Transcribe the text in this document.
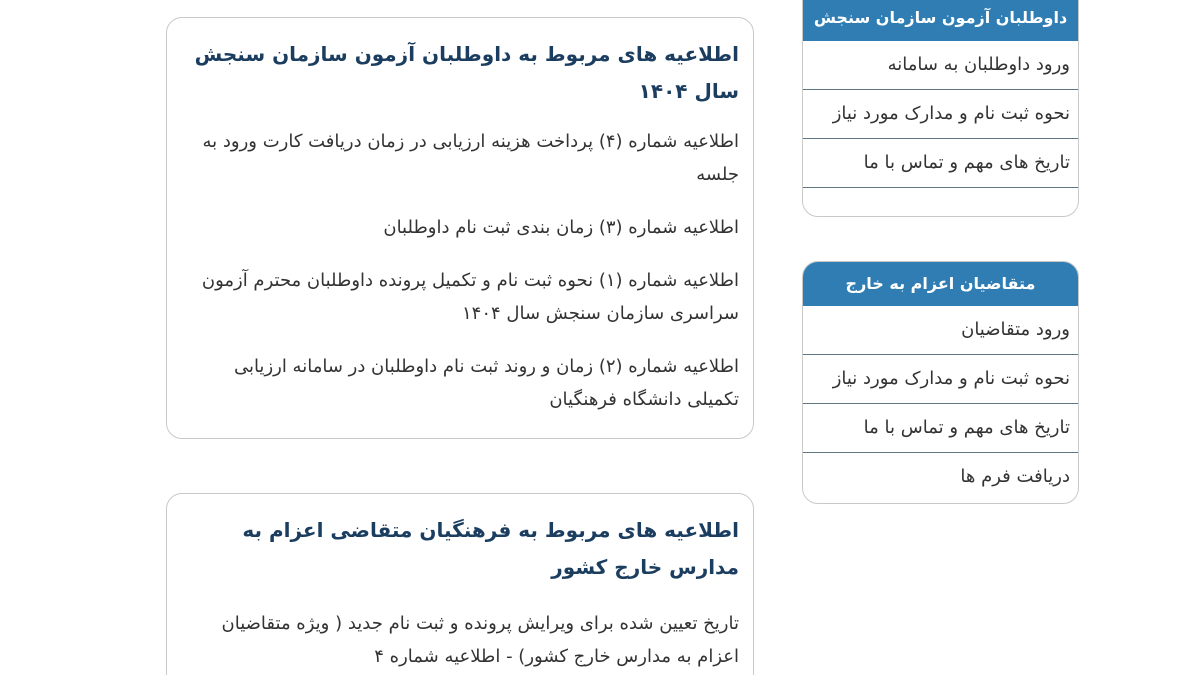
اطلاعیه های مربوط به داوطلبان آزمون سازمان سنجش سال ۱۴۰۴
اطلاعیه شماره (۴) پرداخت هزینه ارزیابی در زمان دریافت کارت ورود به جلسه
اطلاعیه شماره (۳) زمان بندی ثبت نام داوطلبان
اطلاعیه شماره (۱) نحوه ثبت نام و تکمیل پرونده داوطلبان محترم آزمون سراسری سازمان سنجش سال ۱۴۰۴
اطلاعیه شماره (۲) زمان و روند ثبت نام داوطلبان در سامانه ارزیابی تکمیلی دانشگاه فرهنگیان
اطلاعیه های مربوط به فرهنگیان متقاضی اعزام به مدارس خارج کشور
تاریخ تعیین شده برای ویرایش پرونده و ثبت نام جدید ( ویژه متقاضیان اعزام به مدارس خارج کشور) - اطلاعیه شماره ۴
داوطلبان آزمون سازمان سنجش
ورود داوطلبان به سامانه
نحوه ثبت نام و مدارک مورد نیاز
تاریخ های مهم و تماس با ما
متقاضیان اعزام به خارج
ورود متقاضیان
نحوه ثبت نام و مدارک مورد نیاز
تاریخ های مهم و تماس با ما
دریافت فرم ها
